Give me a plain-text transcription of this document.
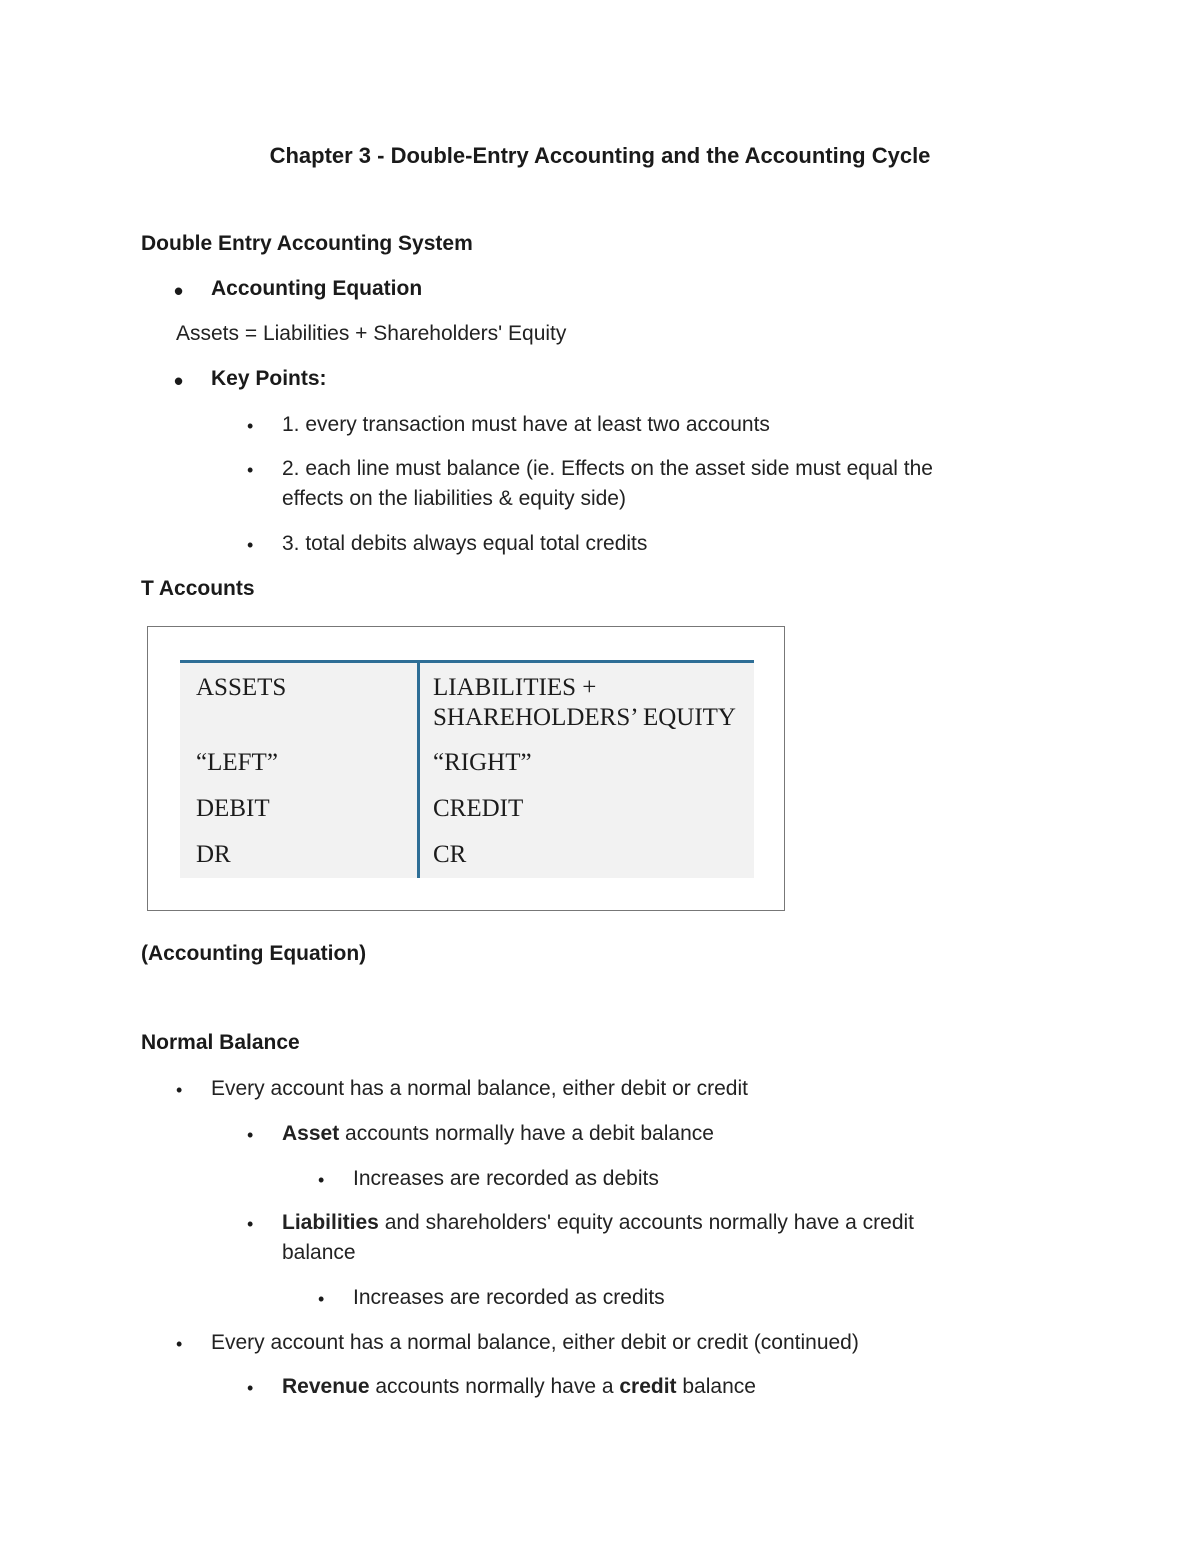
Chapter 3 - Double-Entry Accounting and the Accounting Cycle
Double Entry Accounting System
• Accounting Equation
Assets = Liabilities + Shareholders' Equity
• Key Points:
• 1. every transaction must have at least two accounts
• 2. each line must balance (ie. Effects on the asset side must equal the
effects on the liabilities & equity side)
• 3. total debits always equal total credits
T Accounts
ASSETS
“LEFT”
DEBIT
DR
LIABILITIES +
SHAREHOLDERS’ EQUITY
“RIGHT”
CREDIT
CR
(Accounting Equation)
Normal Balance
• Every account has a normal balance, either debit or credit
• Asset accounts normally have a debit balance
• Increases are recorded as debits
• Liabilities and shareholders' equity accounts normally have a credit
balance
• Increases are recorded as credits
• Every account has a normal balance, either debit or credit (continued)
• Revenue accounts normally have a credit balance
